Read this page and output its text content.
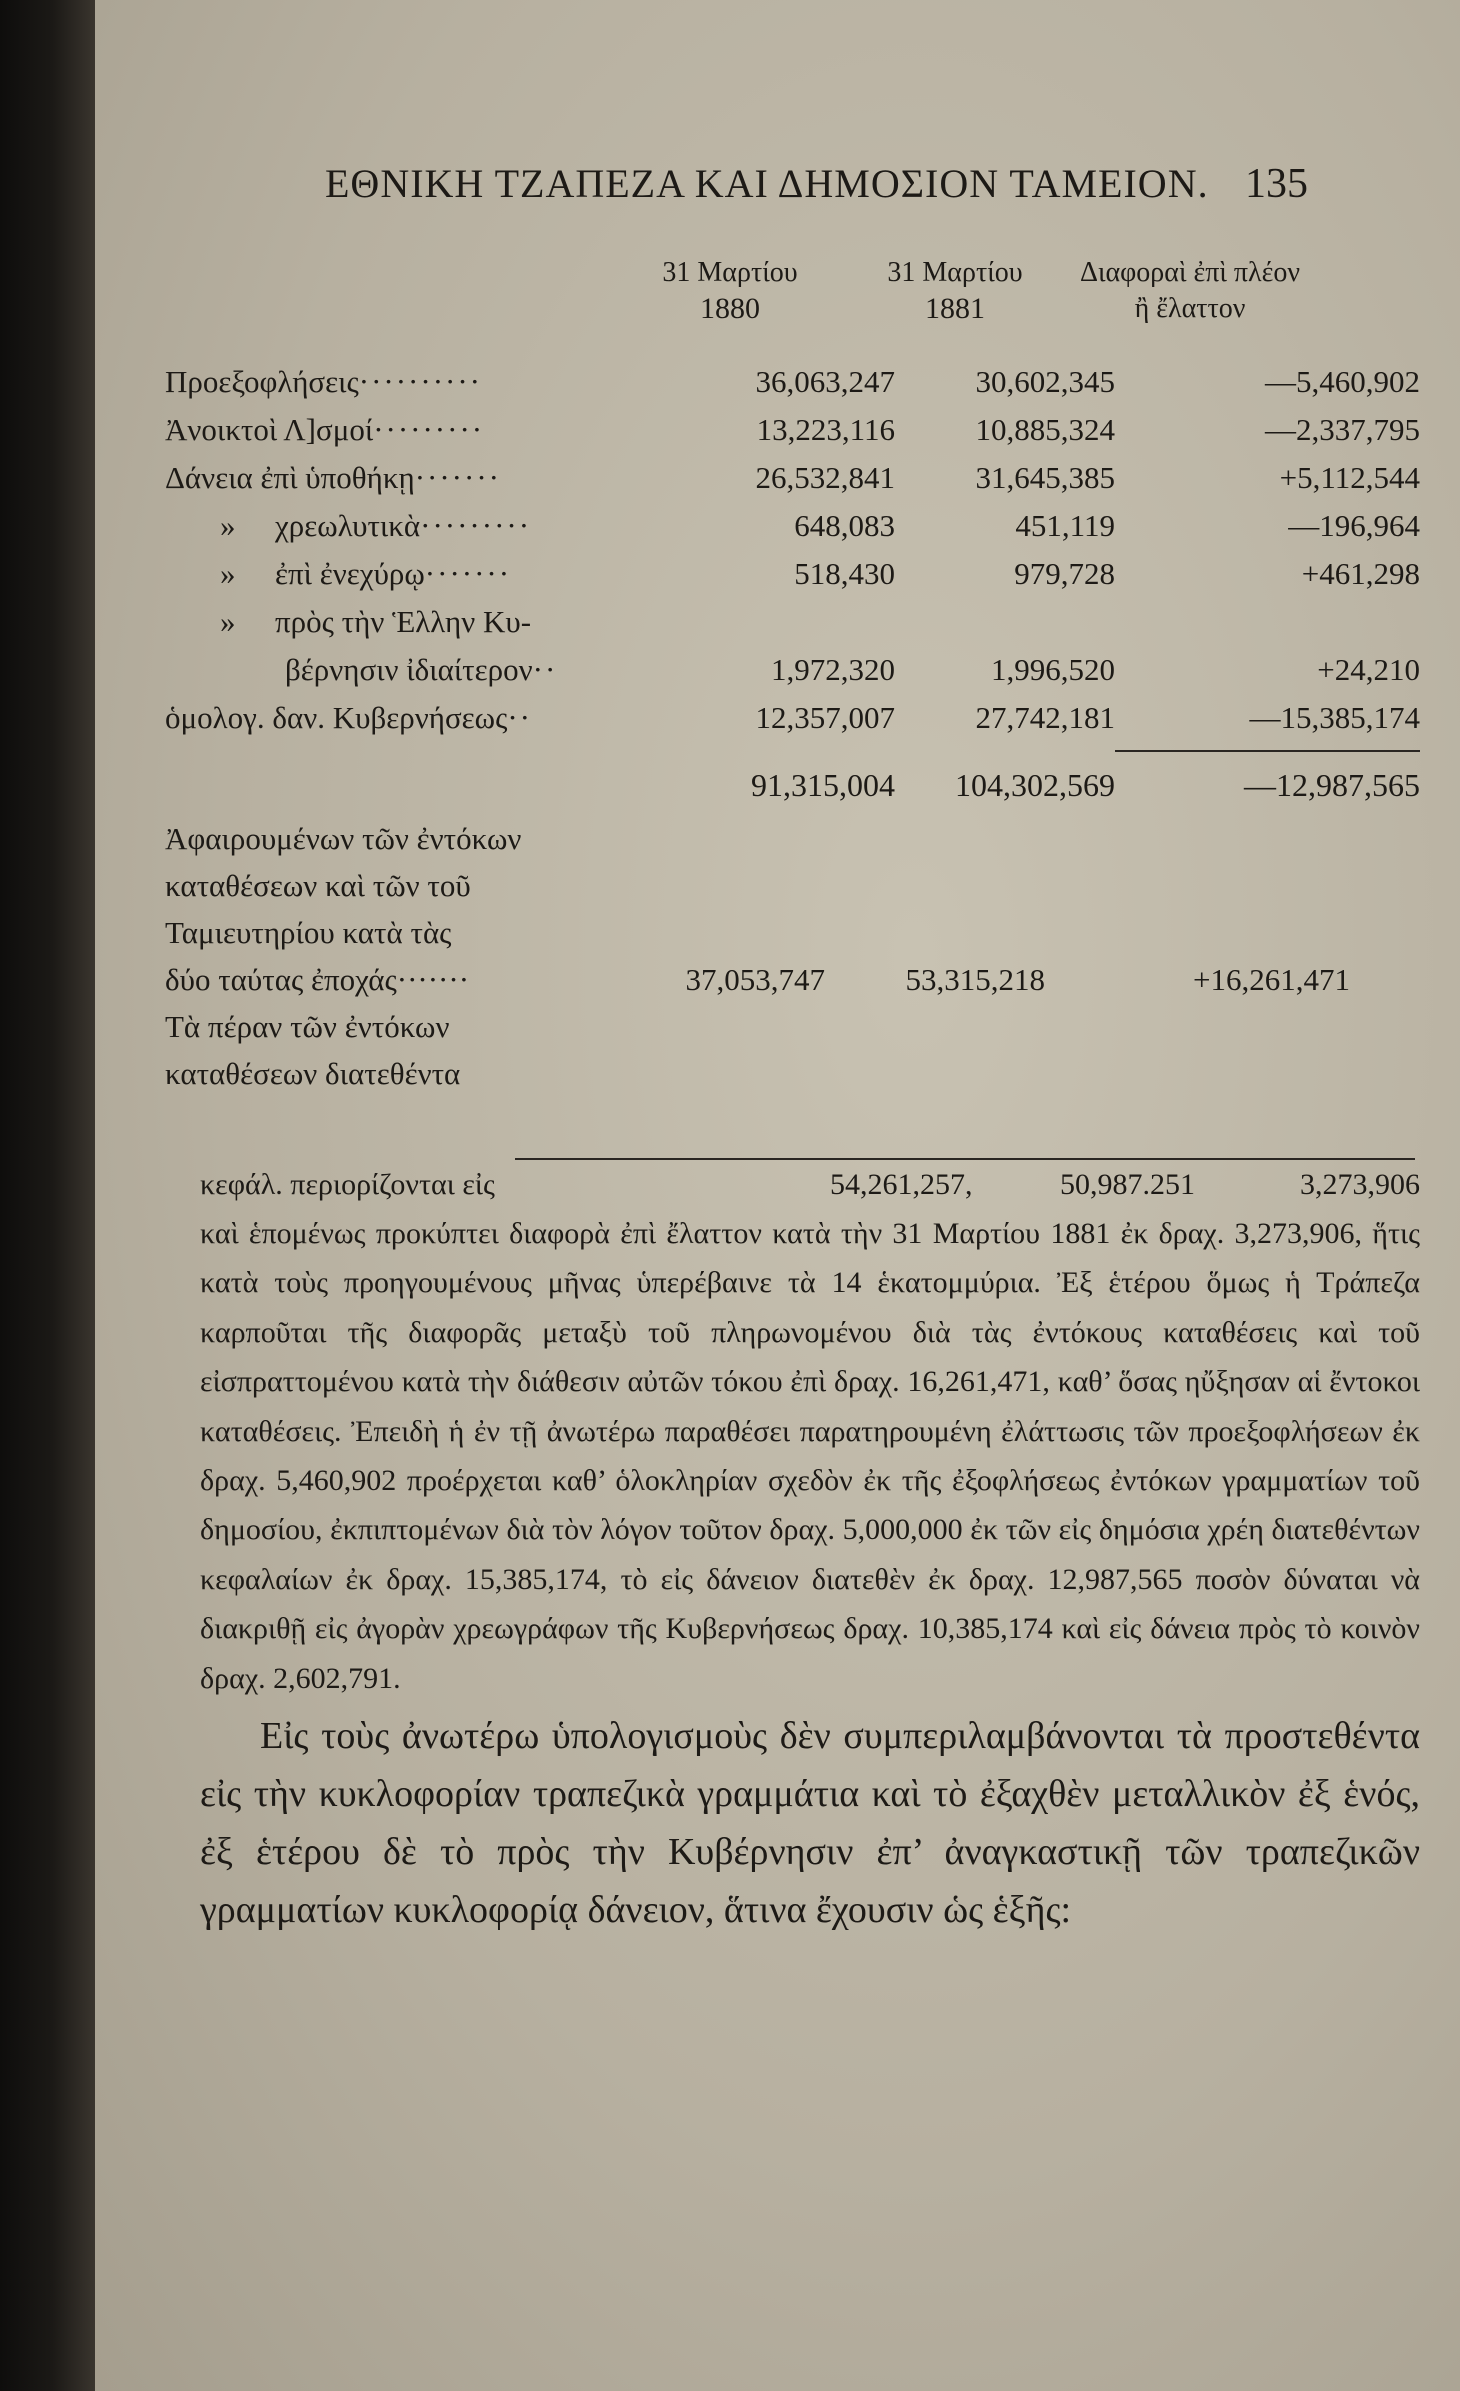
ΕΘΝΙΚΗ ΤΖΑΠΕΖΑ ΚΑΙ ΔΗΜΟΣΙΟΝ ΤΑΜΕΙΟΝ. 135
31 Μαρτίου
1880
31 Μαρτίου
1881
Διαφοραὶ ἐπὶ πλέον
ἢ ἔλαττον
Προεξοφλήσεις··········	36,063,247	30,602,345	—5,460,902
Ἀνοικτοὶ Λ]σμοί·········	13,223,116	10,885,324	—2,337,795
Δάνεια ἐπὶ ὑποθήκῃ·······	26,532,841	31,645,385	+5,112,544
» χρεωλυτικὰ·········	648,083	451,119	—196,964
» ἐπὶ ἐνεχύρῳ·······	518,430	979,728	+461,298
» πρὸς τὴν Ἑλλην Κυ-
βέρνησιν ἰδιαίτερον··	1,972,320	1,996,520	+24,210
ὁμολογ. δαν. Κυβερνήσεως··	12,357,007	27,742,181	—15,385,174
91,315,004 104,302,569	—12,987,565
Ἀφαιρουμένων τῶν ἐντόκων
καταθέσεων καὶ τῶν τοῦ
Ταμιευτηρίου κατὰ τὰς
δύο ταύτας ἐποχάς·······	37,053,747	53,315,218	+16,261,471
Τὰ πέραν τῶν ἐντόκων
καταθέσεων διατεθέντα
κεφάλ. περιορίζονται εἰς	54,261,257,	50,987.251	3,273,906

καὶ ἑπομένως προκύπτει διαφορὰ ἐπὶ ἔλαττον κατὰ τὴν 31 Μαρτίου 1881 ἐκ δραχ. 3,273,906, ἥτις κατὰ τοὺς προηγουμένους μῆνας ὑπερέβαινε τὰ 14 ἑκατομμύρια. Ἐξ ἑτέρου ὅμως ἡ Τράπεζα καρποῦται τῆς διαφορᾶς μεταξὺ τοῦ πληρωνομένου διὰ τὰς ἐντόκους καταθέσεις καὶ τοῦ εἰσπραττομένου κατὰ τὴν διάθεσιν αὐτῶν τόκου ἐπὶ δραχ. 16,261,471, καθ’ ὅσας ηὔξησαν αἱ ἔντοκοι καταθέσεις. Ἐπειδὴ ἡ ἐν τῇ ἀνωτέρω παραθέσει παρατηρουμένη ἐλάττωσις τῶν προεξοφλήσεων ἐκ δραχ. 5,460,902 προέρχεται καθ’ ὁλοκληρίαν σχεδὸν ἐκ τῆς ἐξοφλήσεως ἐντόκων γραμματίων τοῦ δημοσίου, ἐκπιπτομένων διὰ τὸν λόγον τοῦτον δραχ. 5,000,000 ἐκ τῶν εἰς δημόσια χρέη διατεθέντων κεφαλαίων ἐκ δραχ. 15,385,174, τὸ εἰς δάνειον διατεθὲν ἐκ δραχ. 12,987,565 ποσὸν δύναται νὰ διακριθῇ εἰς ἀγορὰν χρεωγράφων τῆς Κυβερνήσεως δραχ. 10,385,174 καὶ εἰς δάνεια πρὸς τὸ κοινὸν δραχ. 2,602,791.

Εἰς τοὺς ἀνωτέρω ὑπολογισμοὺς δὲν συμπεριλαμβάνονται τὰ προστεθέντα εἰς τὴν κυκλοφορίαν τραπεζικὰ γραμμάτια καὶ τὸ ἐξαχθὲν μεταλλικὸν ἐξ ἑνός, ἐξ ἑτέρου δὲ τὸ πρὸς τὴν Κυβέρνησιν ἐπ’ ἀναγκαστικῇ τῶν τραπεζικῶν γραμματίων κυκλοφορίᾳ δάνειον, ἅτινα ἔχουσιν ὡς ἑξῆς:
